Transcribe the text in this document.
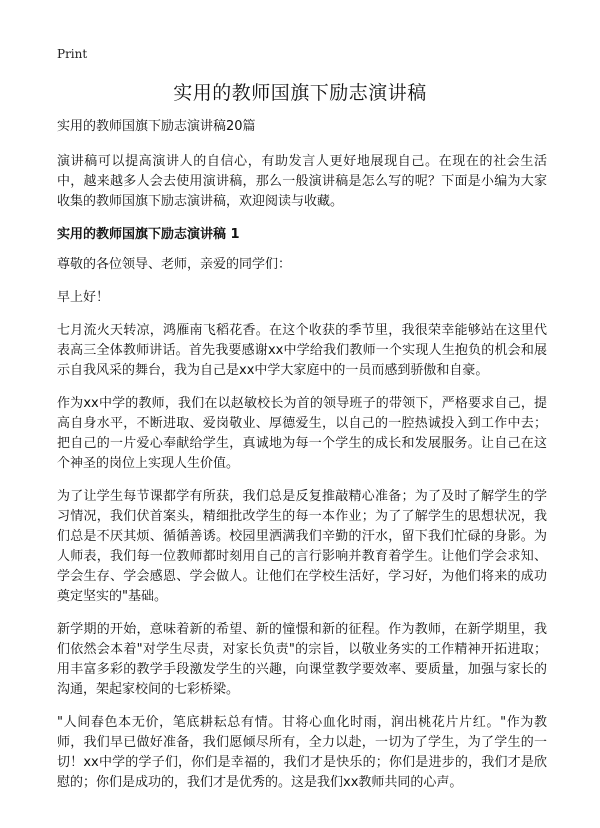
Print
实用的教师国旗下励志演讲稿

实用的教师国旗下励志演讲稿20篇

演讲稿可以提高演讲人的自信心，有助发言人更好地展现自己。在现在的社会生活中，越来越多人会去使用演讲稿，那么一般演讲稿是怎么写的呢？下面是小编为大家收集的教师国旗下励志演讲稿，欢迎阅读与收藏。

实用的教师国旗下励志演讲稿 1

尊敬的各位领导、老师，亲爱的同学们：

早上好！

七月流火天转凉，鸿雁南飞稻花香。在这个收获的季节里，我很荣幸能够站在这里代表高三全体教师讲话。首先我要感谢xx中学给我们教师一个实现人生抱负的机会和展示自我风采的舞台，我为自己是xx中学大家庭中的一员而感到骄傲和自豪。

作为xx中学的教师，我们在以赵敏校长为首的领导班子的带领下，严格要求自己，提高自身水平，不断进取、爱岗敬业、厚德爱生，以自己的一腔热诚投入到工作中去；把自己的一片爱心奉献给学生，真诚地为每一个学生的成长和发展服务。让自己在这个神圣的岗位上实现人生价值。

为了让学生每节课都学有所获，我们总是反复推敲精心准备；为了及时了解学生的学习情况，我们伏首案头，精细批改学生的每一本作业；为了了解学生的思想状况，我们总是不厌其烦、循循善诱。校园里洒满我们辛勤的汗水，留下我们忙碌的身影。为人师表，我们每一位教师都时刻用自己的言行影响并教育着学生。让他们学会求知、学会生存、学会感恩、学会做人。让他们在学校生活好，学习好，为他们将来的成功奠定坚实的"基础。

新学期的开始，意味着新的希望、新的憧憬和新的征程。作为教师，在新学期里，我们依然会本着"对学生尽责，对家长负责"的宗旨，以敬业务实的工作精神开拓进取；用丰富多彩的教学手段激发学生的兴趣，向课堂教学要效率、要质量，加强与家长的沟通，架起家校间的七彩桥梁。

"人间春色本无价，笔底耕耘总有情。甘将心血化时雨，润出桃花片片红。"作为教师，我们早已做好准备，我们愿倾尽所有，全力以赴，一切为了学生，为了学生的一切！xx中学的学子们，你们是幸福的，我们才是快乐的；你们是进步的，我们才是欣慰的；你们是成功的，我们才是优秀的。这是我们xx教师共同的心声。
